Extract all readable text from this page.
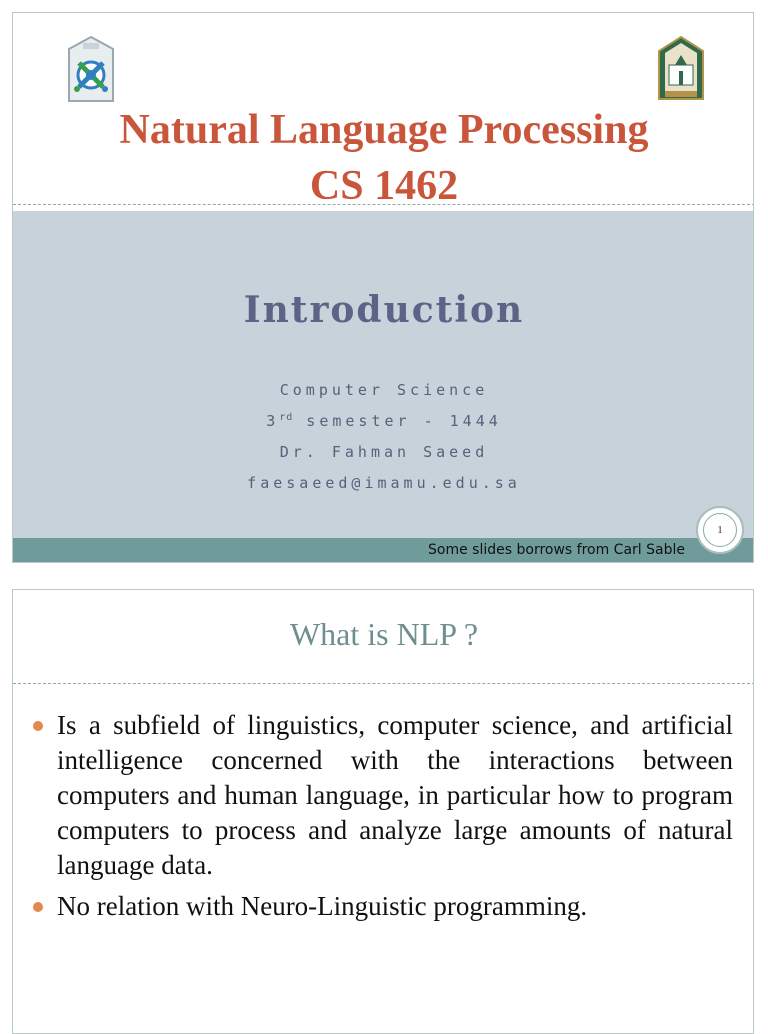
Natural Language Processing
CS 1462
Introduction
Computer Science
3rd semester - 1444
Dr. Fahman Saeed
faesaeed@imamu.edu.sa
Some slides borrows from Carl Sable
1
What is NLP ?
Is a subfield of linguistics, computer science, and artificial intelligence concerned with the interactions between computers and human language, in particular how to program computers to process and analyze large amounts of natural language data.
No relation with Neuro-Linguistic programming.
